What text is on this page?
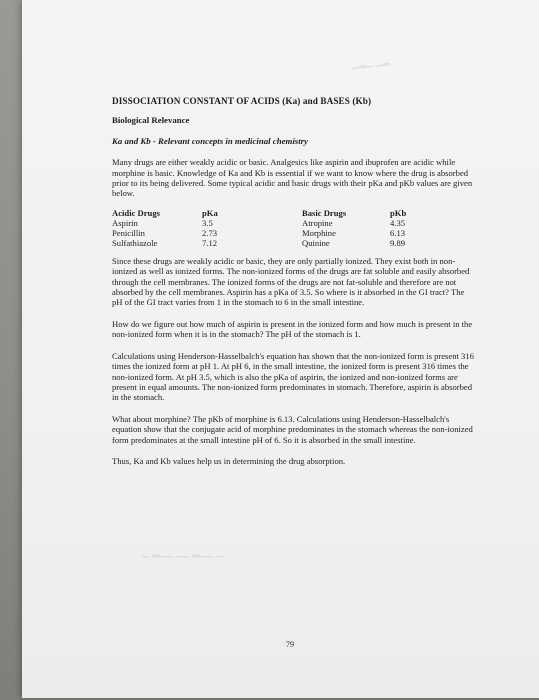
▁▂▁ ▁▂
▁ ▂▁▁ ▁▁ ▂▁▁ ▁
DISSOCIATION CONSTANT OF ACIDS (Ka) and BASES (Kb)
Biological Relevance
Ka and Kb - Relevant concepts in medicinal chemistry

Many drugs are either weakly acidic or basic. Analgesics like aspirin and ibuprofen are acidic while morphine is basic. Knowledge of Ka and Kb is essential if we want to know where the drug is absorbed prior to its being delivered. Some typical acidic and basic drugs with their pKa and pKb values are given below.

Acidic Drugs
Aspirin
Penicillin
Sulfathiazole
pKa
3.5
2.73
7.12
Basic Drugs
Atropine
Morphine
Quinine
pKb
4.35
6.13
9.89

Since these drugs are weakly acidic or basic, they are only partially ionized. They exist both in non-ionized as well as ionized forms. The non-ionized forms of the drugs are fat soluble and easily absorbed through the cell membranes. The ionized forms of the drugs are not fat-soluble and therefore are not absorbed by the cell membranes. Aspirin has a pKa of 3.5. So where is it absorbed in the GI tract? The pH of the GI tract varies from 1 in the stomach to 6 in the small intestine.

How do we figure out how much of aspirin is present in the ionized form and how much is present in the non-ionized form when it is in the stomach? The pH of the stomach is 1.

Calculations using Henderson-Hasselbalch's equation has shown that the non-ionized form is present 316 times the ionized form at pH 1. At pH 6, in the small intestine, the ionized form is present 316 times the non-ionized form. At pH 3.5, which is also the pKa of aspirin, the ionized and non-ionized forms are present in equal amounts. The non-ionized form predominates in stomach. Therefore, aspirin is absorbed in the stomach.

What about morphine? The pKb of morphine is 6.13. Calculations using Henderson-Hasselbalch's equation show that the conjugate acid of morphine predominates in the stomach whereas the non-ionized form predominates at the small intestine pH of 6. So it is absorbed in the small intestine.

Thus, Ka and Kb values help us in determining the drug absorption.

79
